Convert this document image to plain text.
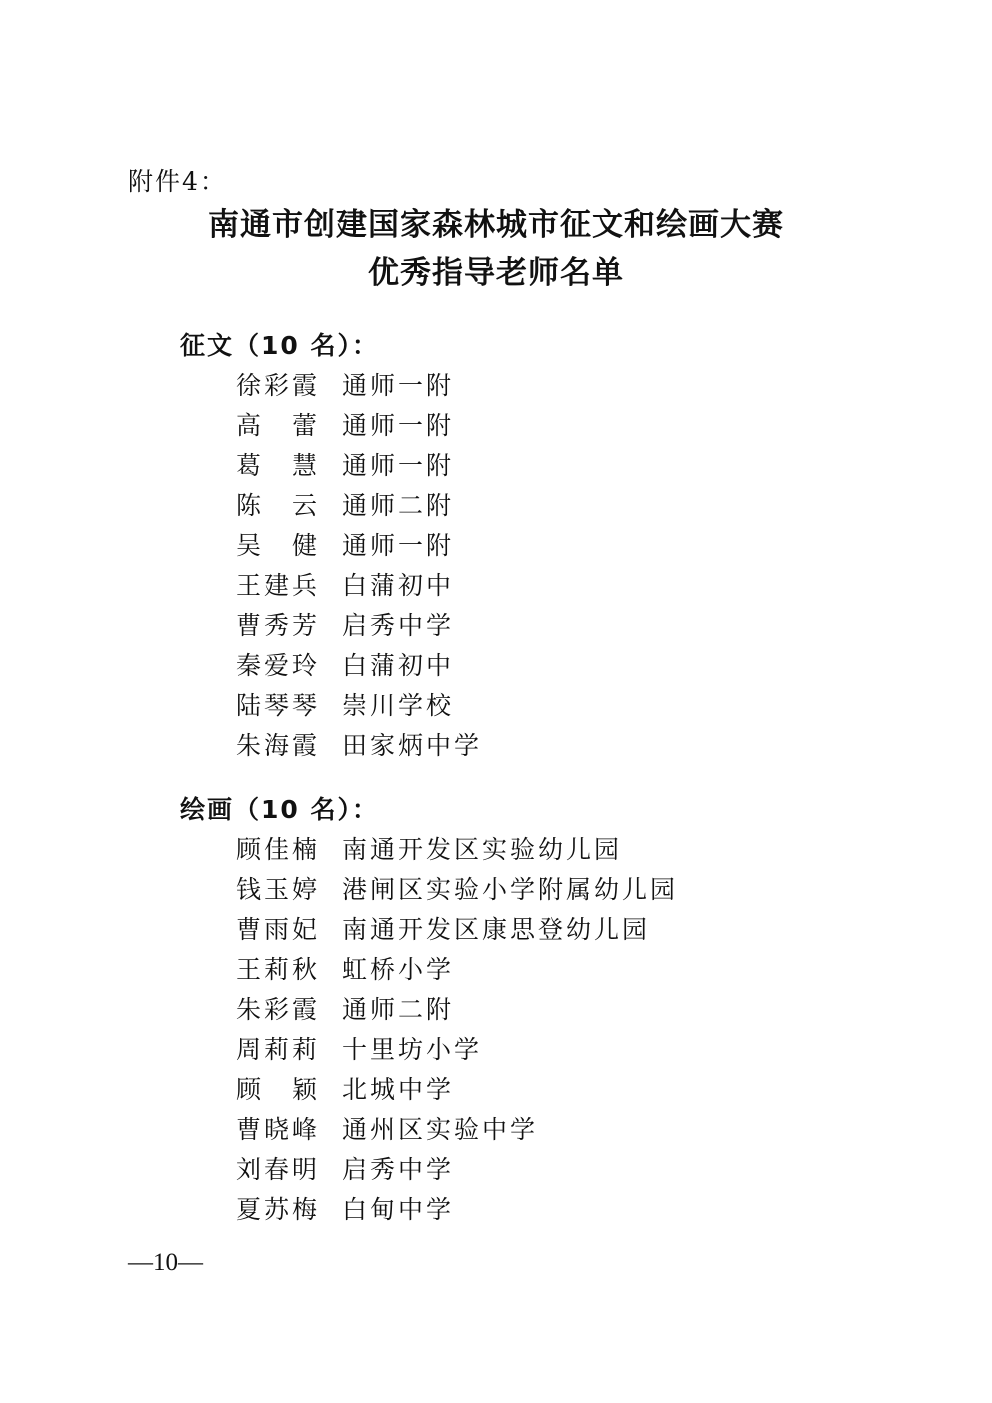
附件4：
南通市创建国家森林城市征文和绘画大赛
优秀指导老师名单
征文（10 名）：
徐彩霞 通师一附
高　蕾 通师一附
葛　慧 通师一附
陈　云 通师二附
吴　健 通师一附
王建兵 白蒲初中
曹秀芳 启秀中学
秦爱玲 白蒲初中
陆琴琴 崇川学校
朱海霞 田家炳中学
绘画（10 名）：
顾佳楠 南通开发区实验幼儿园
钱玉婷 港闸区实验小学附属幼儿园
曹雨妃 南通开发区康思登幼儿园
王莉秋 虹桥小学
朱彩霞 通师二附
周莉莉 十里坊小学
顾　颖 北城中学
曹晓峰 通州区实验中学
刘春明 启秀中学
夏苏梅 白甸中学
—10—
